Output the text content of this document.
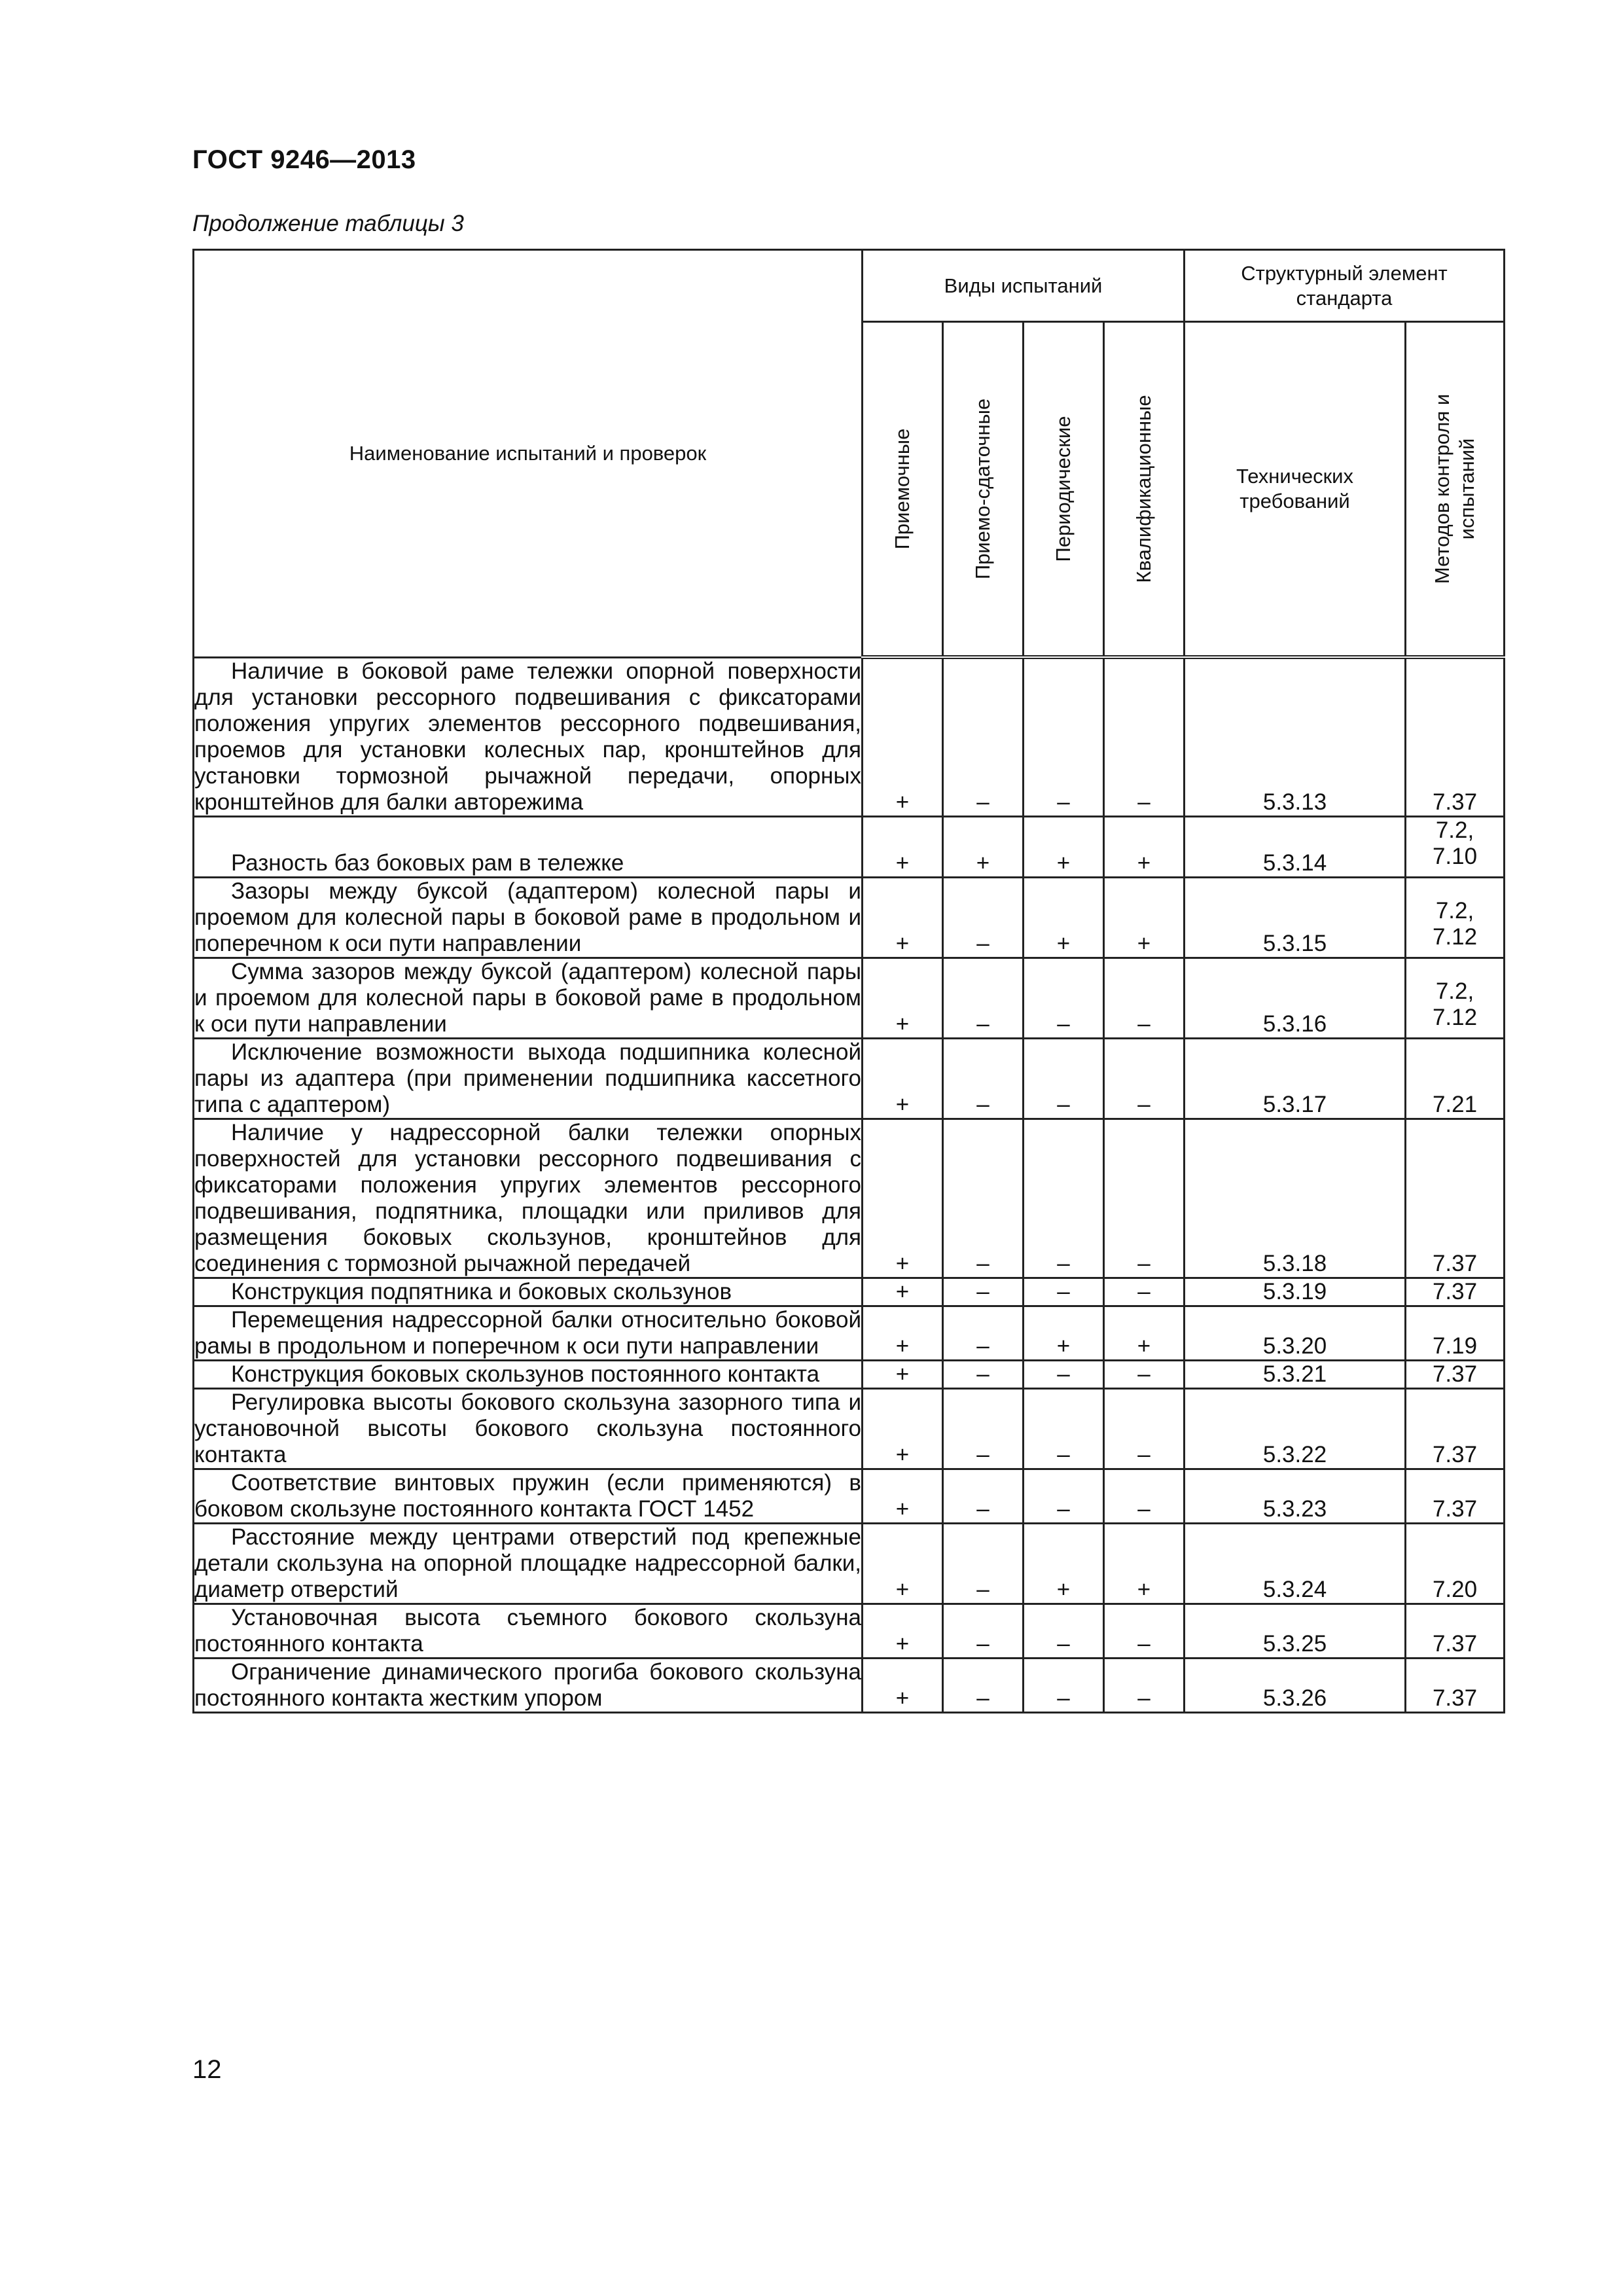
ГОСТ 9246—2013
Продолжение таблицы 3
Наименование испытаний и проверок	Виды испытаний				Структурный элемент стандарта	

	Приемочные	Приемо-сдаточные	Периодические	Квалификационные	Технических требований	Методов контроля и испытаний

Наличие в боковой раме тележки опорной поверхности для установки рессорного подвешивания с фиксаторами положения упругих элементов рессорного подвешивания, проемов для установки колесных пар, кронштейнов для установки тормозной рычажной передачи, опорных кронштейнов для балки авторежима	+	–	–	–	5.3.13	7.37
Разность баз боковых рам в тележке	+	+	+	+	5.3.14	7.2, 7.10
Зазоры между буксой (адаптером) колесной пары и проемом для колесной пары в боковой раме в продольном и поперечном к оси пути направлении	+	–	+	+	5.3.15	7.2, 7.12
Сумма зазоров между буксой (адаптером) колесной пары и проемом для колесной пары в боковой раме в продольном к оси пути направлении	+	–	–	–	5.3.16	7.2, 7.12
Исключение возможности выхода подшипника колесной пары из адаптера (при применении подшипника кассетного типа с адаптером)	+	–	–	–	5.3.17	7.21
Наличие у надрессорной балки тележки опорных поверхностей для установки рессорного подвешивания с фиксаторами положения упругих элементов рессорного подвешивания, подпятника, площадки или приливов для размещения боковых скользунов, кронштейнов для соединения с тормозной рычажной передачей	+	–	–	–	5.3.18	7.37
Конструкция подпятника и боковых скользунов	+	–	–	–	5.3.19	7.37
Перемещения надрессорной балки относительно боковой рамы в продольном и поперечном к оси пути направлении	+	–	+	+	5.3.20	7.19
Конструкция боковых скользунов постоянного контакта	+	–	–	–	5.3.21	7.37
Регулировка высоты бокового скользуна зазорного типа и установочной высоты бокового скользуна постоянного контакта	+	–	–	–	5.3.22	7.37
Соответствие винтовых пружин (если применяются) в боковом скользуне постоянного контакта ГОСТ 1452	+	–	–	–	5.3.23	7.37
Расстояние между центрами отверстий под крепежные детали скользуна на опорной площадке надрессорной балки, диаметр отверстий	+	–	+	+	5.3.24	7.20
Установочная высота съемного бокового скользуна постоянного контакта	+	–	–	–	5.3.25	7.37
Ограничение динамического прогиба бокового скользуна постоянного контакта жестким упором	+	–	–	–	5.3.26	7.37
12
